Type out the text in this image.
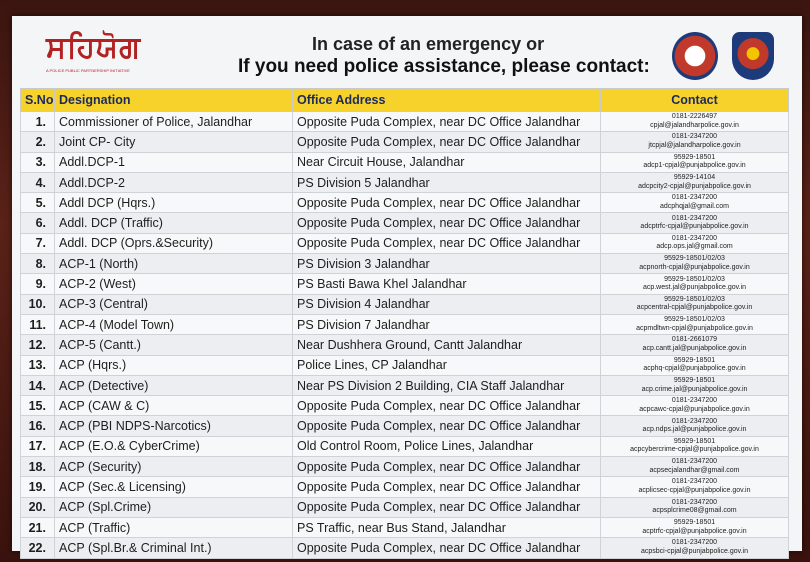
ਸਹਿਯੋਗ
A POLICE PUBLIC PARTNERSHIP INITIATIVE
In case of an emergency or
If you need police assistance, please contact:
S.No	Designation	Office Address	Contact
1.	Commissioner of Police, Jalandhar	Opposite Puda Complex, near DC Office Jalandhar	0181-2226497
cpjal@jalandharpolice.gov.in

2.	Joint CP- City	Opposite Puda Complex, near DC Office Jalandhar	0181-2347200
jtcpjal@jalandharpolice.gov.in

3.	Addl.DCP-1	Near Circuit House, Jalandhar	95929-18501
adcp1-cpjal@punjabpolice.gov.in

4.	Addl.DCP-2	PS Division 5 Jalandhar	95929-14104
adcpcity2-cpjal@punjabpolice.gov.in

5.	Addl DCP (Hqrs.)	Opposite Puda Complex, near DC Office Jalandhar	0181-2347200
adcphqjal@gmail.com

6.	Addl. DCP (Traffic)	Opposite Puda Complex, near DC Office Jalandhar	0181-2347200
adcptrfc-cpjal@punjabpolice.gov.in

7.	Addl. DCP (Oprs.&Security)	Opposite Puda Complex, near DC Office Jalandhar	0181-2347200
adcp.ops.jal@gmail.com

8.	ACP-1 (North)	PS Division 3 Jalandhar	95929-18501/02/03
acpnorth-cpjal@punjabpolice.gov.in

9.	ACP-2 (West)	PS Basti Bawa Khel Jalandhar	95929-18501/02/03
acp.west.jal@punjabpolice.gov.in

10.	ACP-3 (Central)	PS Division 4 Jalandhar	95929-18501/02/03
acpcentral-cpjal@punjabpolice.gov.in

11.	ACP-4 (Model Town)	PS Division 7 Jalandhar	95929-18501/02/03
acpmdltwn-cpjal@punjabpolice.gov.in

12.	ACP-5 (Cantt.)	Near Dushhera Ground, Cantt Jalandhar	0181-2661079
acp.cantt.jal@punjabpolice.gov.in

13.	ACP (Hqrs.)	Police Lines, CP Jalandhar	95929-18501
acphq-cpjal@punjabpolice.gov.in

14.	ACP (Detective)	Near PS Division 2 Building, CIA Staff Jalandhar	95929-18501
acp.crime.jal@punjabpolice.gov.in

15.	ACP (CAW & C)	Opposite Puda Complex, near DC Office Jalandhar	0181-2347200
acpcawc-cpjal@punjabpolice.gov.in

16.	ACP (PBI NDPS-Narcotics)	Opposite Puda Complex, near DC Office Jalandhar	0181-2347200
acp.ndps.jal@punjabpolice.gov.in

17.	ACP (E.O.& CyberCrime)	Old Control Room, Police Lines, Jalandhar	95929-18501
acpcybercrime-cpjal@punjabpolice.gov.in

18.	ACP (Security)	Opposite Puda Complex, near DC Office Jalandhar	0181-2347200
acpsecjalandhar@gmail.com

19.	ACP (Sec.& Licensing)	Opposite Puda Complex, near DC Office Jalandhar	0181-2347200
acplicsec-cpjal@punjabpolice.gov.in

20.	ACP (Spl.Crime)	Opposite Puda Complex, near DC Office Jalandhar	0181-2347200
acpsplcrime08@gmail.com

21.	ACP (Traffic)	PS Traffic, near Bus Stand, Jalandhar	95929-18501
acptrfc-cpjal@punjabpolice.gov.in

22.	ACP (Spl.Br.& Criminal Int.)	Opposite Puda Complex, near DC Office Jalandhar	0181-2347200
acpsbci-cpjal@punjabpolice.gov.in
